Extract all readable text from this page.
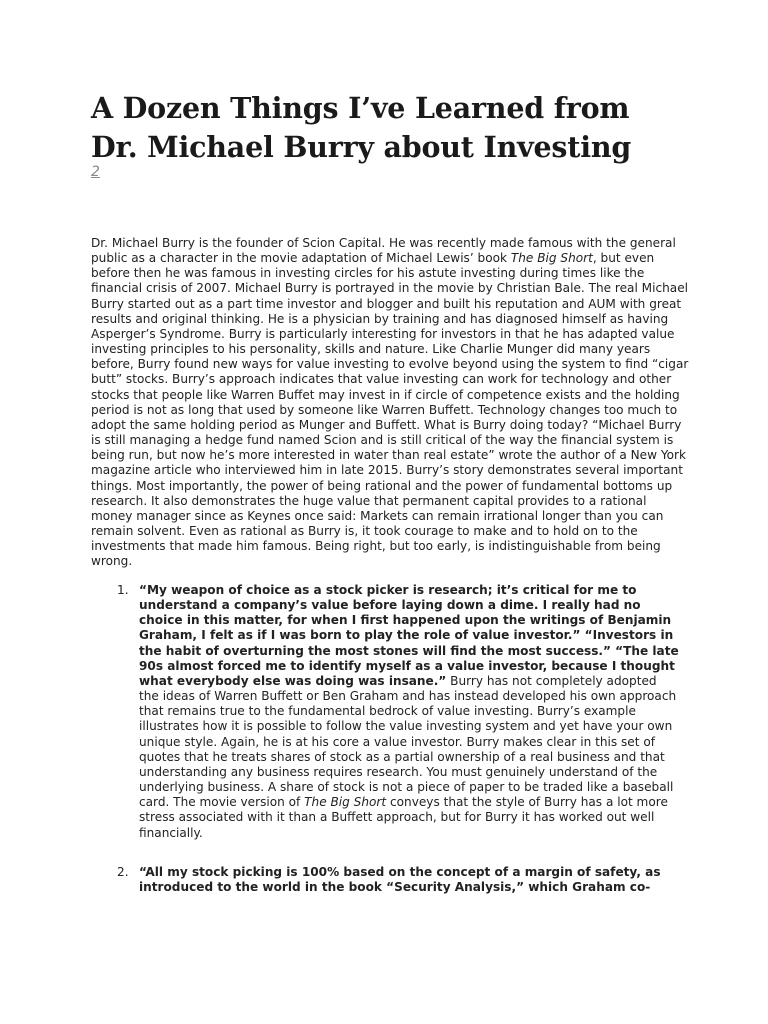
A Dozen Things I’ve Learned from
Dr. Michael Burry about Investing
2

Dr. Michael Burry is the founder of Scion Capital. He was recently made famous with the general public as a character in the movie adaptation of Michael Lewis’ book The Big Short, but even before then he was famous in investing circles for his astute investing during times like the financial crisis of 2007. Michael Burry is portrayed in the movie by Christian Bale. The real Michael Burry started out as a part time investor and blogger and built his reputation and AUM with great results and original thinking. He is a physician by training and has diagnosed himself as having Asperger’s Syndrome. Burry is particularly interesting for investors in that he has adapted value investing principles to his personality, skills and nature. Like Charlie Munger did many years before, Burry found new ways for value investing to evolve beyond using the system to find “cigar butt” stocks. Burry’s approach indicates that value investing can work for technology and other stocks that people like Warren Buffet may invest in if circle of competence exists and the holding period is not as long that used by someone like Warren Buffett. Technology changes too much to adopt the same holding period as Munger and Buffett. What is Burry doing today? “Michael Burry is still managing a hedge fund named Scion and is still critical of the way the financial system is being run, but now he’s more interested in water than real estate” wrote the author of a New York magazine article who interviewed him in late 2015. Burry’s story demonstrates several important things. Most importantly, the power of being rational and the power of fundamental bottoms up research. It also demonstrates the huge value that permanent capital provides to a rational money manager since as Keynes once said: Markets can remain irrational longer than you can remain solvent. Even as rational as Burry is, it took courage to make and to hold on to the investments that made him famous. Being right, but too early, is indistinguishable from being wrong.

1. “My weapon of choice as a stock picker is research; it’s critical for me to understand a company’s value before laying down a dime. I really had no choice in this matter, for when I first happened upon the writings of Benjamin Graham, I felt as if I was born to play the role of value investor.” “Investors in the habit of overturning the most stones will find the most success.” “The late 90s almost forced me to identify myself as a value investor, because I thought what everybody else was doing was insane.” Burry has not completely adopted the ideas of Warren Buffett or Ben Graham and has instead developed his own approach that remains true to the fundamental bedrock of value investing. Burry’s example illustrates how it is possible to follow the value investing system and yet have your own unique style. Again, he is at his core a value investor. Burry makes clear in this set of quotes that he treats shares of stock as a partial ownership of a real business and that understanding any business requires research. You must genuinely understand of the underlying business. A share of stock is not a piece of paper to be traded like a baseball card. The movie version of The Big Short conveys that the style of Burry has a lot more stress associated with it than a Buffett approach, but for Burry it has worked out well financially.

2. “All my stock picking is 100% based on the concept of a margin of safety, as introduced to the world in the book “Security Analysis,” which Graham co-
